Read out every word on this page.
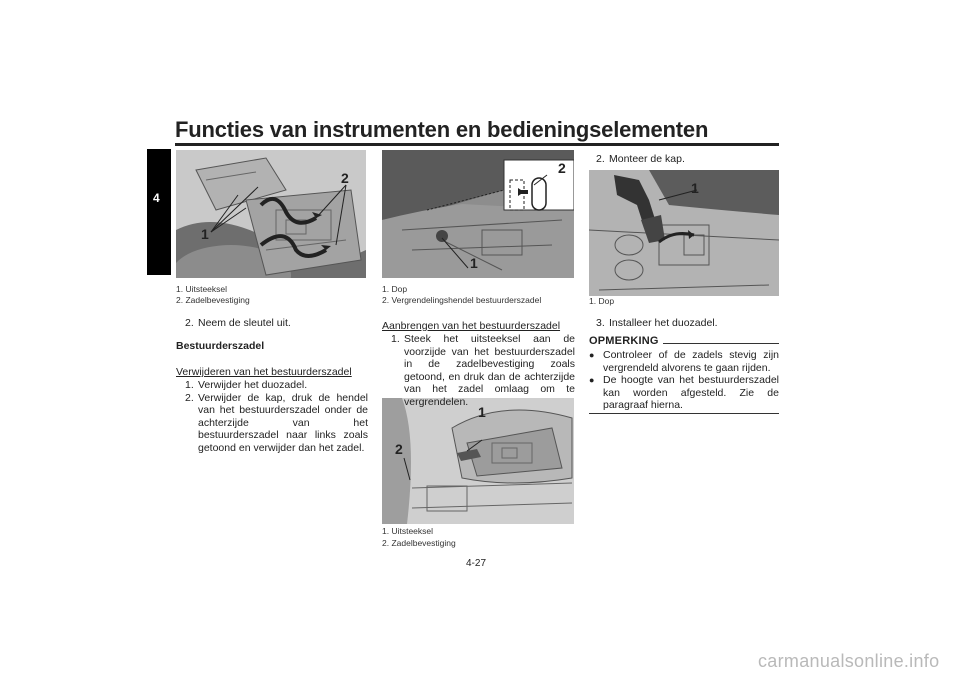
Functies van instrumenten en bedieningselementen
4
1
2
1. Uitsteeksel
2. Zadelbevestiging
2
1
1. Dop
2. Vergrendelingshendel bestuurderszadel
1
2
1. Uitsteeksel
2. Zadelbevestiging
1
1. Dop
2. Neem de sleutel uit.
Bestuurderszadel
Verwijderen van het bestuurderszadel
1. Verwijder het duozadel.
2. Verwijder de kap, druk de hendel van het bestuurderszadel onder de achterzijde van het bestuurderszadel naar links zoals getoond en verwijder dan het zadel.
Aanbrengen van het bestuurderszadel
1. Steek het uitsteeksel aan de voorzijde van het bestuurderszadel in de zadelbevestiging zoals getoond, en druk dan de achterzijde van het zadel omlaag om te vergrendelen.
2. Monteer de kap.
3. Installeer het duozadel.
OPMERKING
● Controleer of de zadels stevig zijn vergrendeld alvorens te gaan rijden.
● De hoogte van het bestuurderszadel kan worden afgesteld. Zie de paragraaf hierna.
4-27
carmanualsonline.info
